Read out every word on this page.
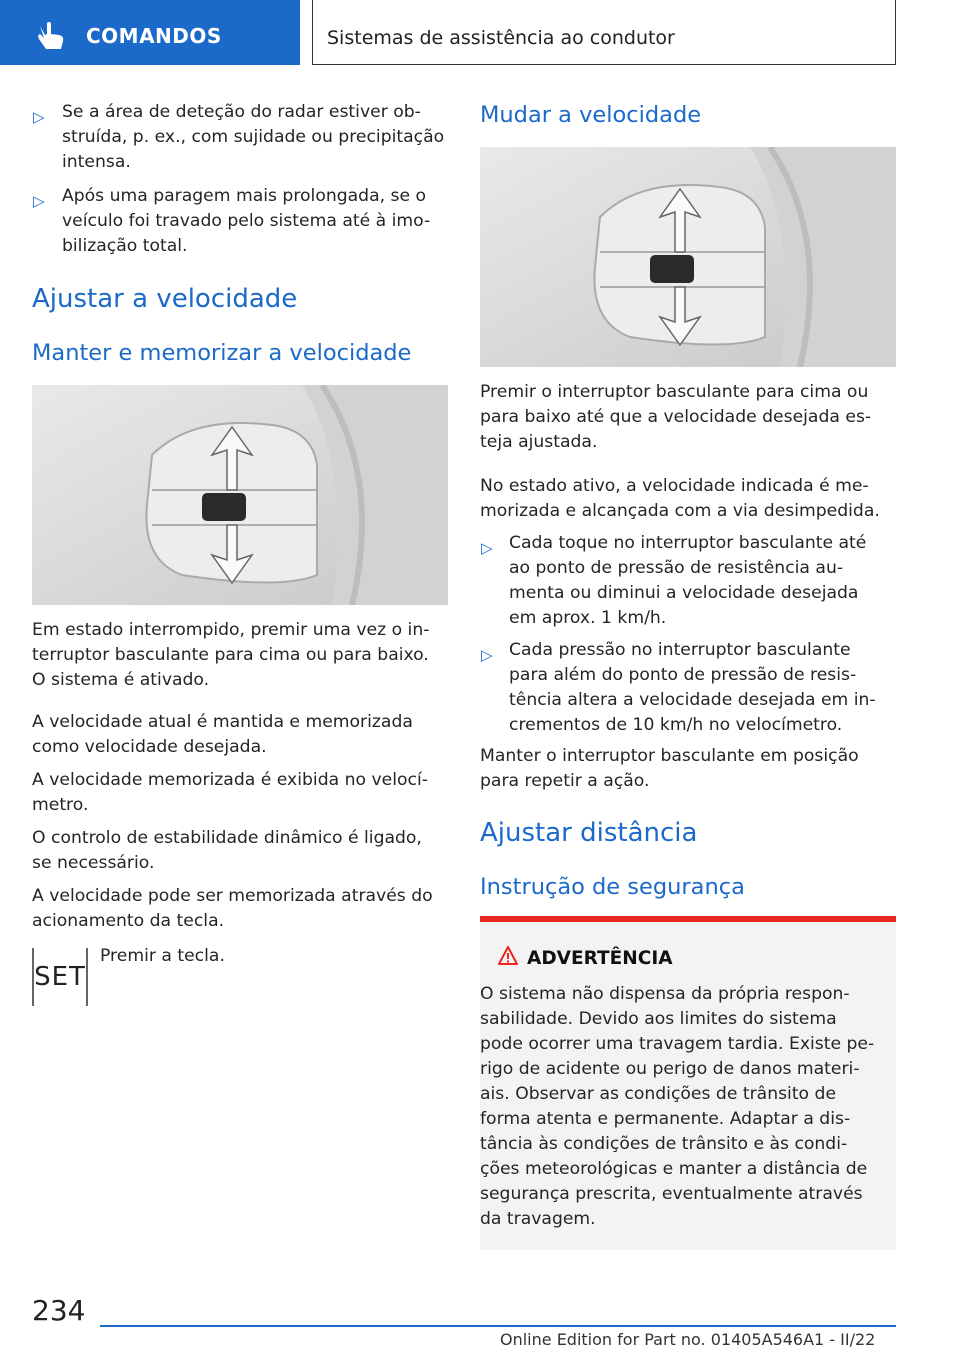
COMANDOS	Sistemas de assistência ao condutor
▷ Se a área de deteção do radar estiver ob-
struída, p. ex., com sujidade ou precipitação
intensa.
▷ Após uma paragem mais prolongada, se o
veículo foi travado pelo sistema até à imo-
bilização total.
Ajustar a velocidade
Manter e memorizar a velocidade
Em estado interrompido, premir uma vez o in-
terruptor basculante para cima ou para baixo.
O sistema é ativado.
A velocidade atual é mantida e memorizada
como velocidade desejada.
A velocidade memorizada é exibida no velocí-
metro.
O controlo de estabilidade dinâmico é ligado,
se necessário.
A velocidade pode ser memorizada através do
acionamento da tecla.
SET
Premir a tecla.
Mudar a velocidade
Premir o interruptor basculante para cima ou
para baixo até que a velocidade desejada es-
teja ajustada.
No estado ativo, a velocidade indicada é me-
morizada e alcançada com a via desimpedida.
▷ Cada toque no interruptor basculante até
ao ponto de pressão de resistência au-
menta ou diminui a velocidade desejada
em aprox. 1 km/h.
▷ Cada pressão no interruptor basculante
para além do ponto de pressão de resis-
tência altera a velocidade desejada em in-
crementos de 10 km/h no velocímetro.
Manter o interruptor basculante em posição
para repetir a ação.
Ajustar distância
Instrução de segurança
ADVERTÊNCIA
O sistema não dispensa da própria respon-
sabilidade. Devido aos limites do sistema
pode ocorrer uma travagem tardia. Existe pe-
rigo de acidente ou perigo de danos materi-
ais. Observar as condições de trânsito de
forma atenta e permanente. Adaptar a dis-
tância às condições de trânsito e às condi-
ções meteorológicas e manter a distância de
segurança prescrita, eventualmente através
da travagem.
234
Online Edition for Part no. 01405A546A1 - II/22
